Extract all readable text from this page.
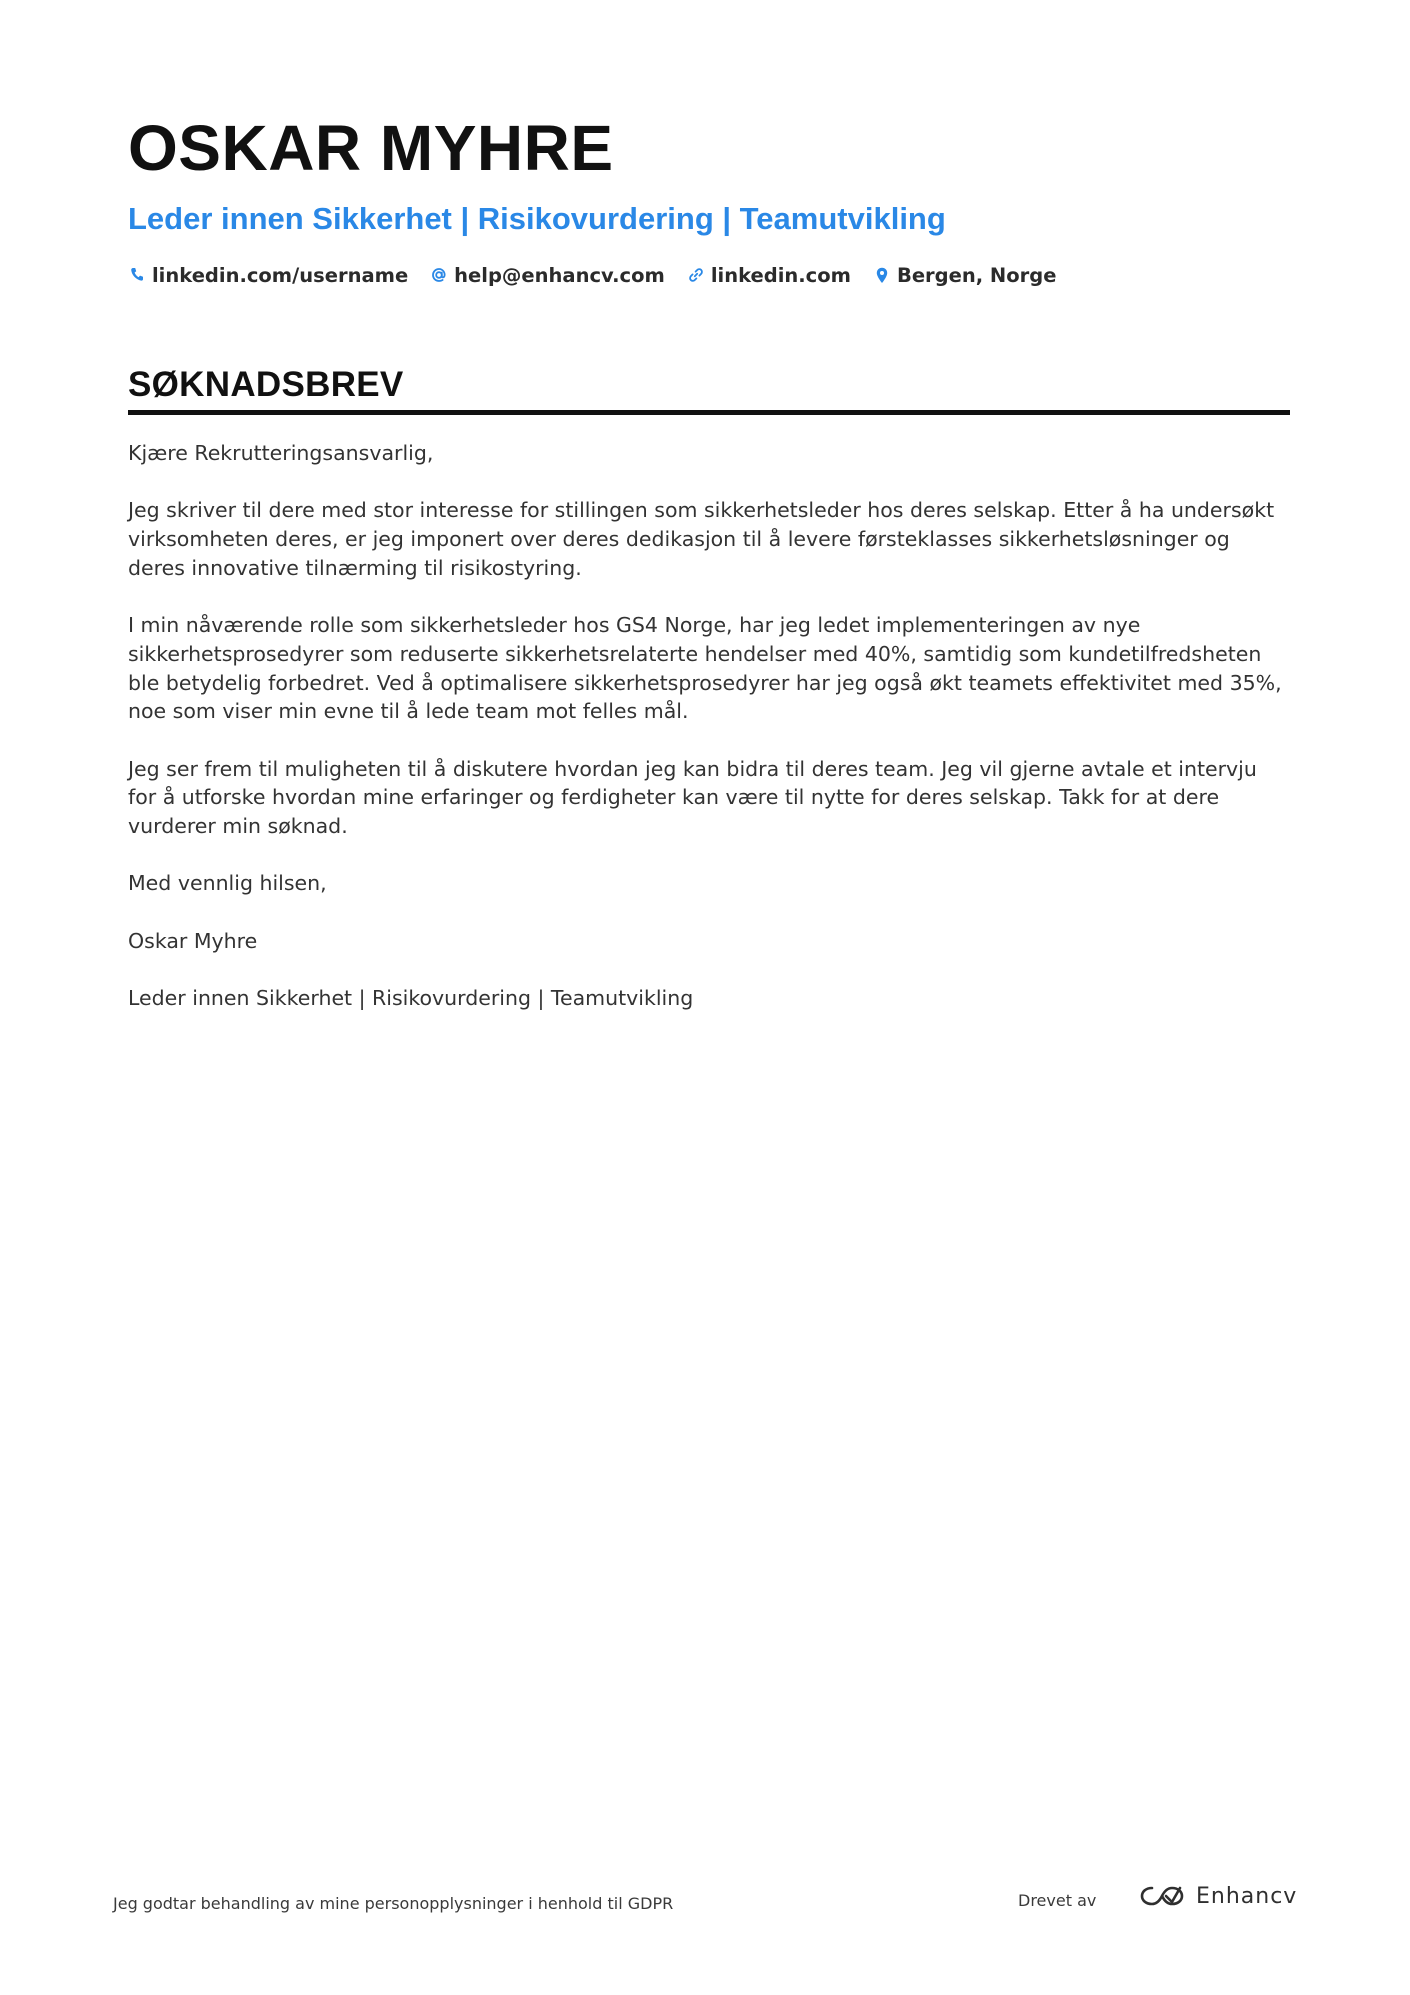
OSKAR MYHRE
Leder innen Sikkerhet | Risikovurdering | Teamutvikling
linkedin.com/username help@enhancv.com linkedin.com Bergen, Norge
SØKNADSBREV

Kjære Rekrutteringsansvarlig,

Jeg skriver til dere med stor interesse for stillingen som sikkerhetsleder hos deres selskap. Etter å ha undersøkt virksomheten deres, er jeg imponert over deres dedikasjon til å levere førsteklasses sikkerhetsløsninger og deres innovative tilnærming til risikostyring.

I min nåværende rolle som sikkerhetsleder hos GS4 Norge, har jeg ledet implementeringen av nye sikkerhetsprosedyrer som reduserte sikkerhetsrelaterte hendelser med 40%, samtidig som kundetilfredsheten ble betydelig forbedret. Ved å optimalisere sikkerhetsprosedyrer har jeg også økt teamets effektivitet med 35%, noe som viser min evne til å lede team mot felles mål.

Jeg ser frem til muligheten til å diskutere hvordan jeg kan bidra til deres team. Jeg vil gjerne avtale et intervju for å utforske hvordan mine erfaringer og ferdigheter kan være til nytte for deres selskap. Takk for at dere vurderer min søknad.

Med vennlig hilsen,

Oskar Myhre

Leder innen Sikkerhet | Risikovurdering | Teamutvikling

Jeg godtar behandling av mine personopplysninger i henhold til GDPR	Drevet av	Enhancv
